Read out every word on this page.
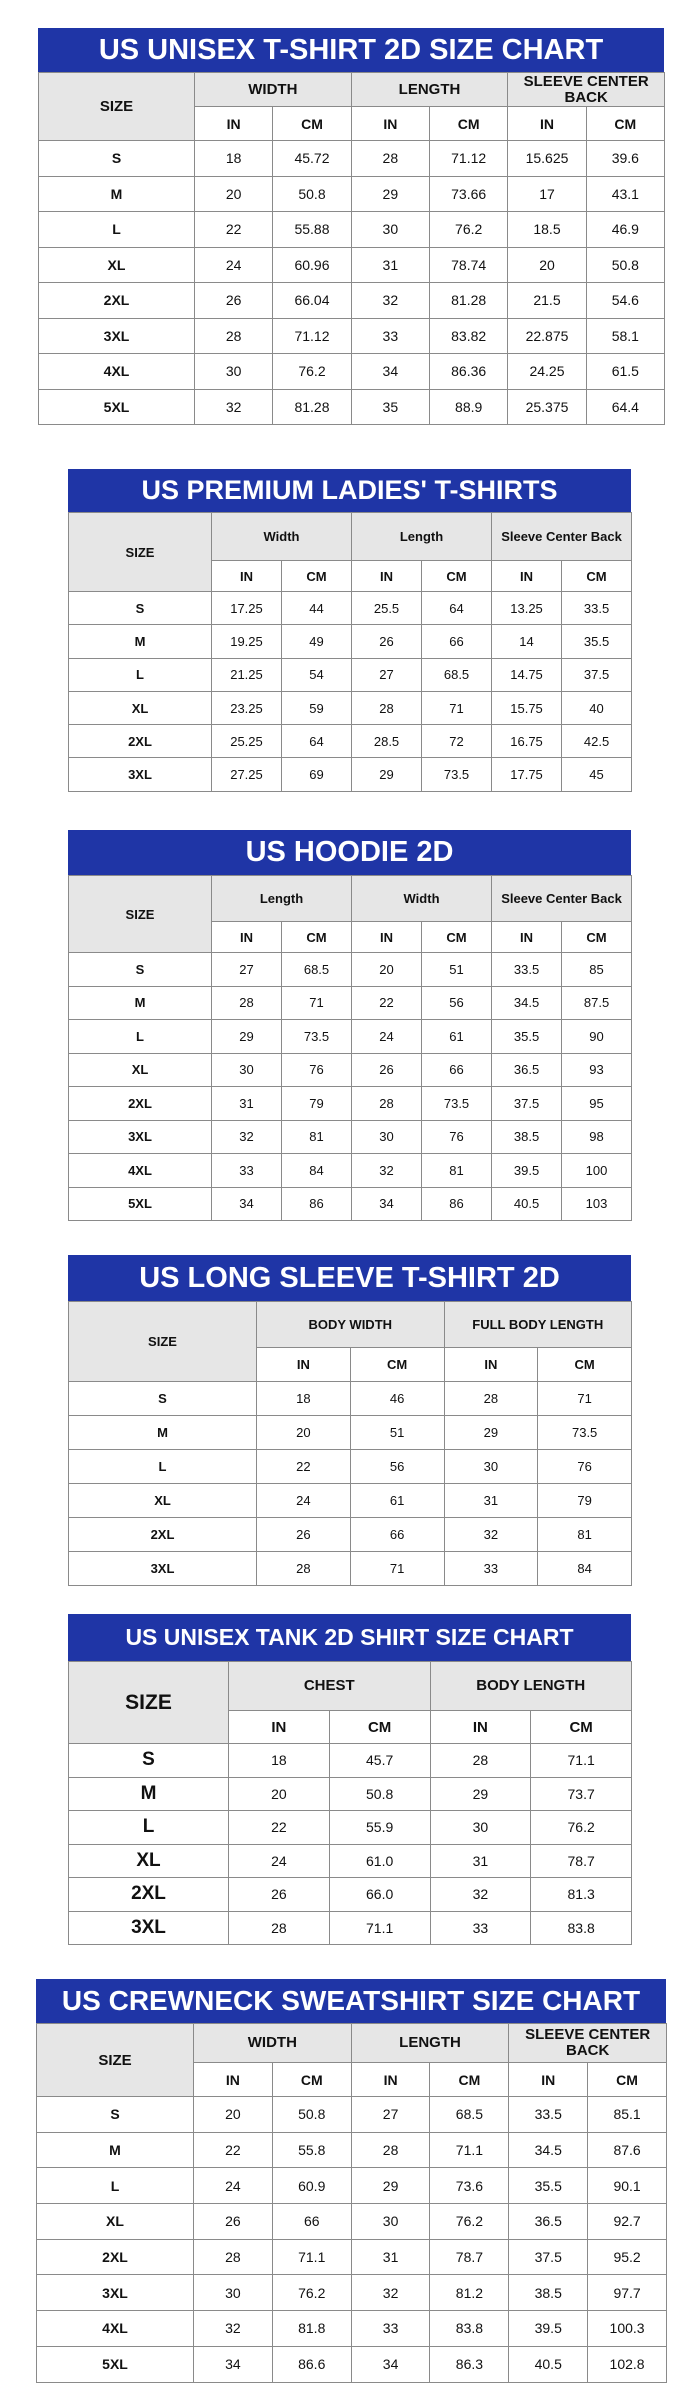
US UNISEX T-SHIRT 2D SIZE CHART
SIZE	WIDTH		LENGTH		SLEEVE CENTER BACK	
	IN	CM	IN	CM	IN	CM
S	18	45.72	28	71.12	15.625	39.6
M	20	50.8	29	73.66	17	43.1
L	22	55.88	30	76.2	18.5	46.9
XL	24	60.96	31	78.74	20	50.8
2XL	26	66.04	32	81.28	21.5	54.6
3XL	28	71.12	33	83.82	22.875	58.1
4XL	30	76.2	34	86.36	24.25	61.5
5XL	32	81.28	35	88.9	25.375	64.4
US PREMIUM LADIES' T-SHIRTS
SIZE	Width		Length		Sleeve Center Back	
	IN	CM	IN	CM	IN	CM
S	17.25	44	25.5	64	13.25	33.5
M	19.25	49	26	66	14	35.5
L	21.25	54	27	68.5	14.75	37.5
XL	23.25	59	28	71	15.75	40
2XL	25.25	64	28.5	72	16.75	42.5
3XL	27.25	69	29	73.5	17.75	45
US HOODIE 2D
SIZE	Length		Width		Sleeve Center Back	
	IN	CM	IN	CM	IN	CM
S	27	68.5	20	51	33.5	85
M	28	71	22	56	34.5	87.5
L	29	73.5	24	61	35.5	90
XL	30	76	26	66	36.5	93
2XL	31	79	28	73.5	37.5	95
3XL	32	81	30	76	38.5	98
4XL	33	84	32	81	39.5	100
5XL	34	86	34	86	40.5	103
US LONG SLEEVE T-SHIRT 2D
SIZE	BODY WIDTH		FULL BODY LENGTH	
	IN	CM	IN	CM
S	18	46	28	71
M	20	51	29	73.5
L	22	56	30	76
XL	24	61	31	79
2XL	26	66	32	81
3XL	28	71	33	84
US UNISEX TANK 2D SHIRT SIZE CHART
SIZE	CHEST		BODY LENGTH	
	IN	CM	IN	CM
S	18	45.7	28	71.1
M	20	50.8	29	73.7
L	22	55.9	30	76.2
XL	24	61.0	31	78.7
2XL	26	66.0	32	81.3
3XL	28	71.1	33	83.8
US CREWNECK SWEATSHIRT SIZE CHART
SIZE	WIDTH		LENGTH		SLEEVE CENTER BACK	
	IN	CM	IN	CM	IN	CM
S	20	50.8	27	68.5	33.5	85.1
M	22	55.8	28	71.1	34.5	87.6
L	24	60.9	29	73.6	35.5	90.1
XL	26	66	30	76.2	36.5	92.7
2XL	28	71.1	31	78.7	37.5	95.2
3XL	30	76.2	32	81.2	38.5	97.7
4XL	32	81.8	33	83.8	39.5	100.3
5XL	34	86.6	34	86.3	40.5	102.8
